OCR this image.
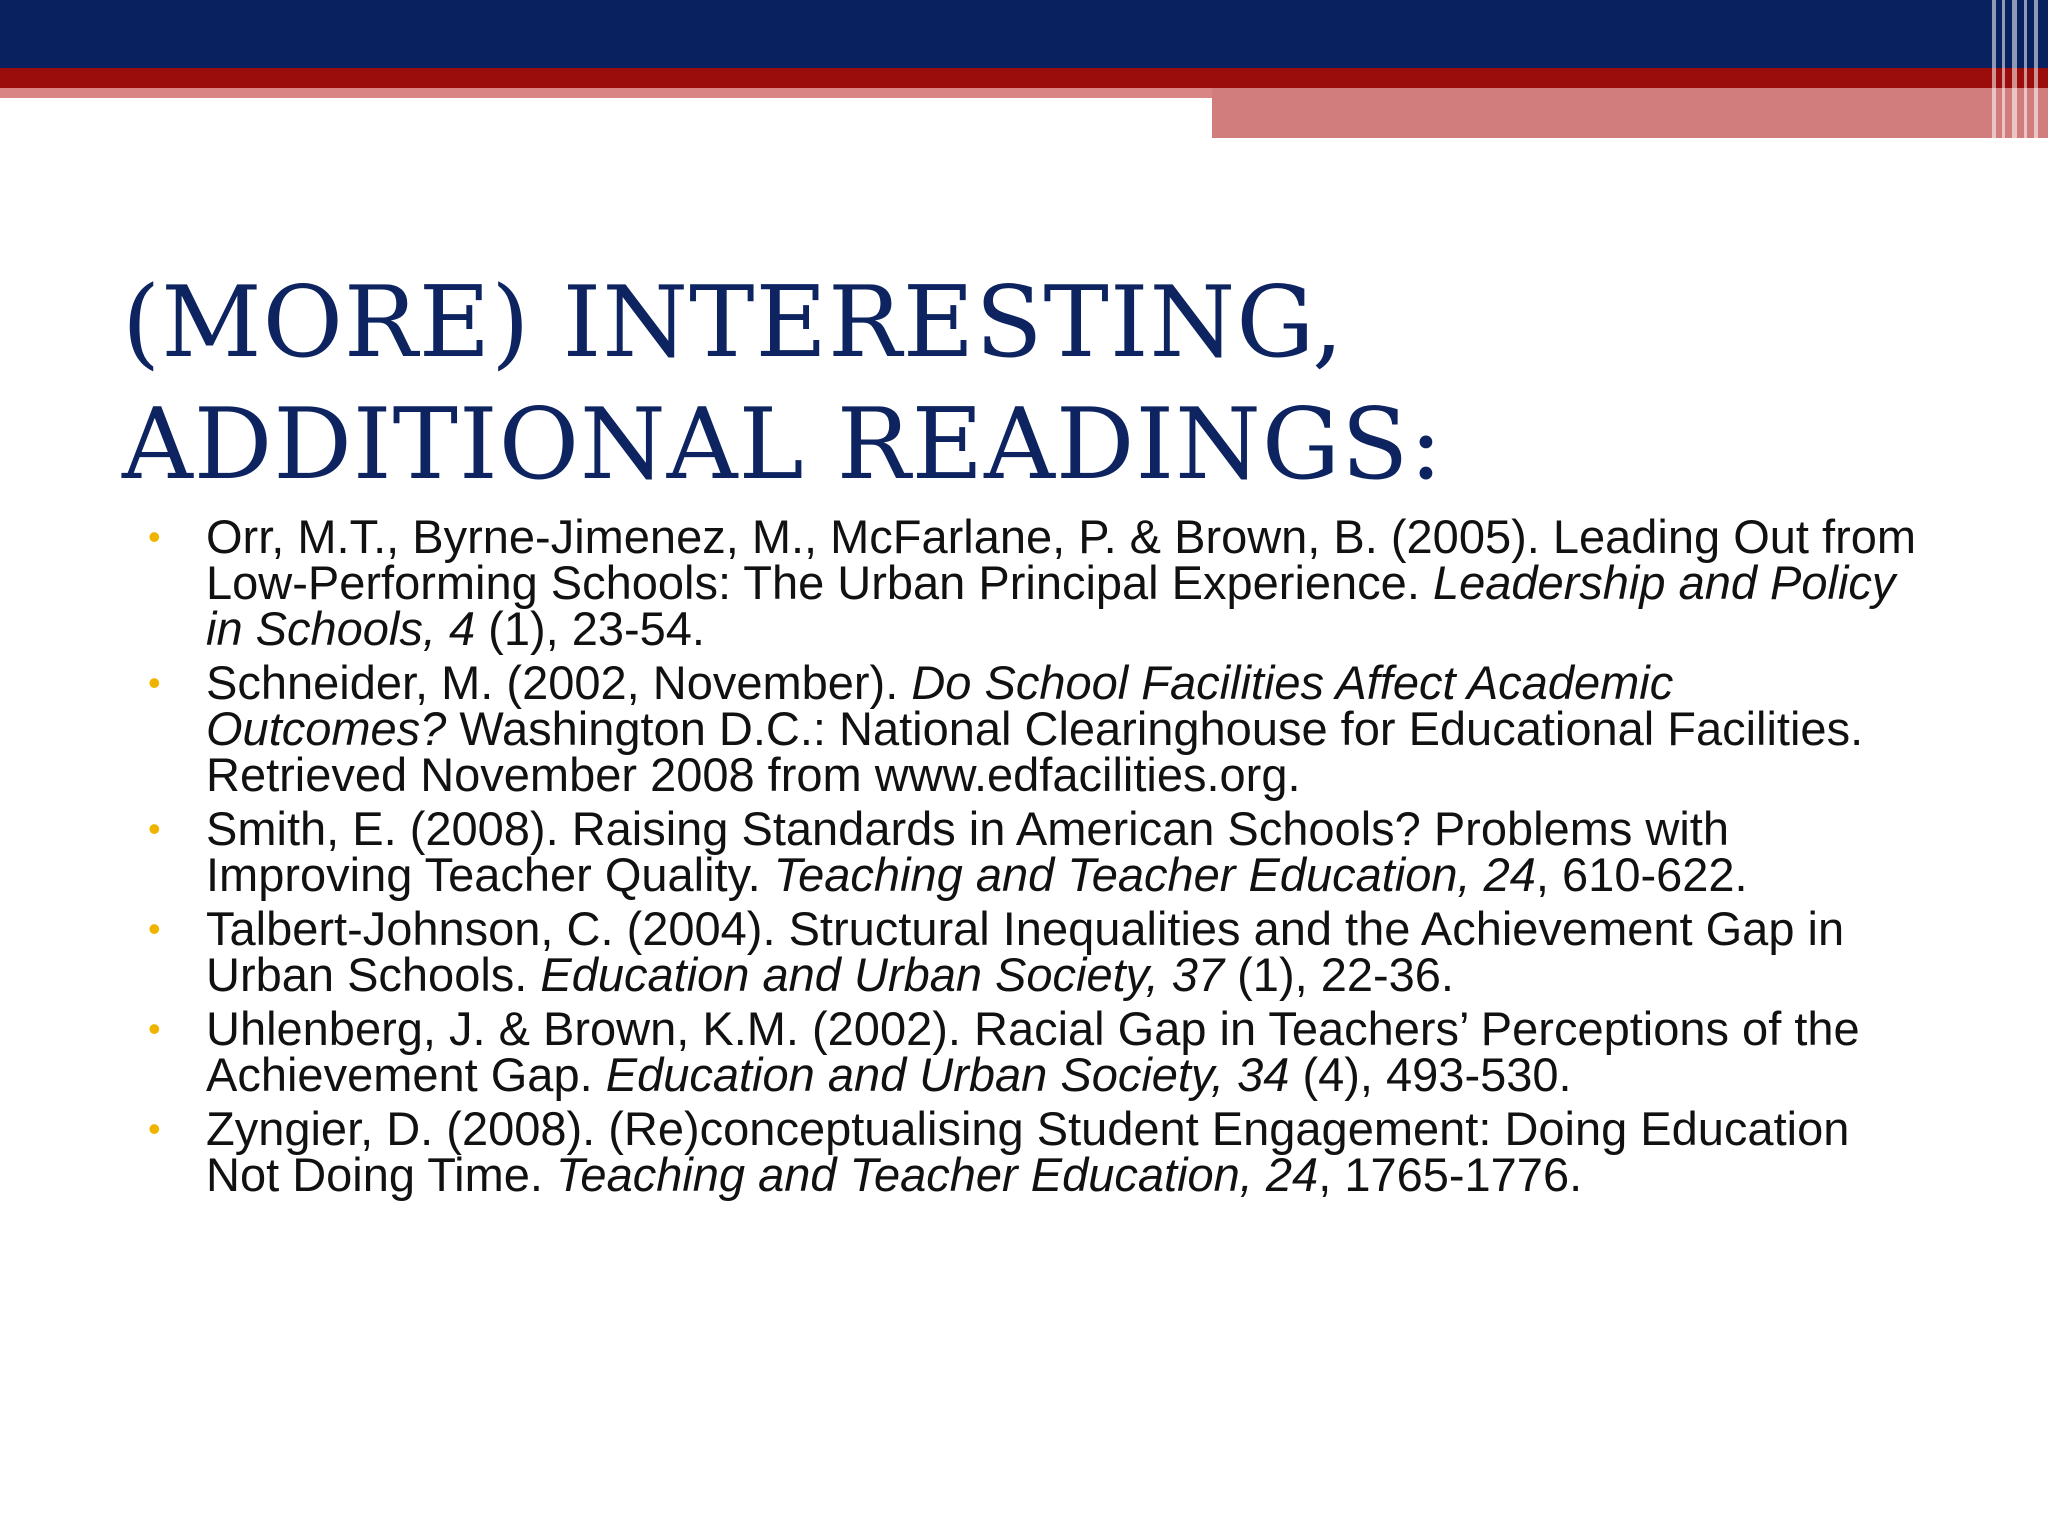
(MORE) INTERESTING, ADDITIONAL READINGS:
• Orr, M.T., Byrne-Jimenez, M., McFarlane, P. & Brown, B. (2005). Leading Out from Low-Performing Schools: The Urban Principal Experience. Leadership and Policy in Schools, 4 (1), 23-54.
• Schneider, M. (2002, November). Do School Facilities Affect Academic Outcomes? Washington D.C.: National Clearinghouse for Educational Facilities. Retrieved November 2008 from www.edfacilities.org.
• Smith, E. (2008). Raising Standards in American Schools? Problems with Improving Teacher Quality. Teaching and Teacher Education, 24, 610-622.
• Talbert-Johnson, C. (2004). Structural Inequalities and the Achievement Gap in Urban Schools. Education and Urban Society, 37 (1), 22-36.
• Uhlenberg, J. & Brown, K.M. (2002). Racial Gap in Teachers’ Perceptions of the Achievement Gap. Education and Urban Society, 34 (4), 493-530.
• Zyngier, D. (2008). (Re)conceptualising Student Engagement: Doing Education Not Doing Time. Teaching and Teacher Education, 24, 1765-1776.
